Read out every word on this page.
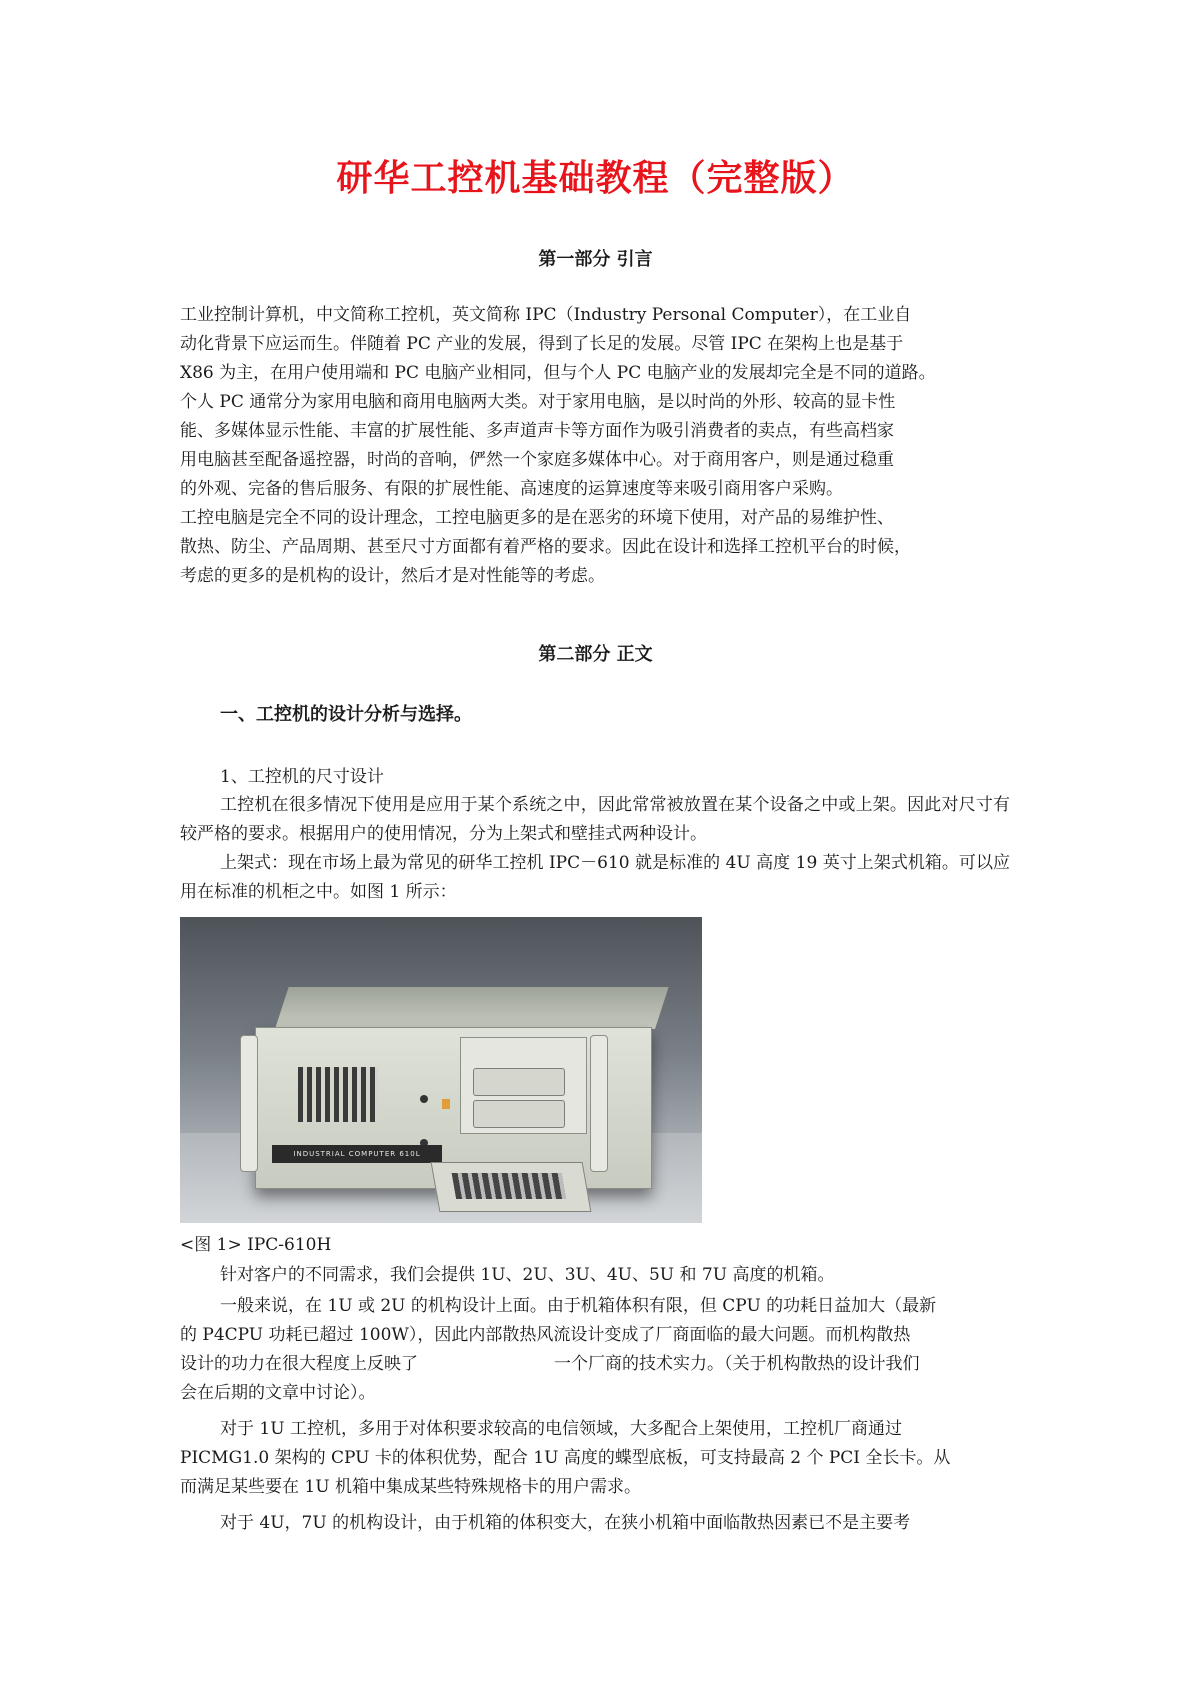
研华工控机基础教程（完整版）
第一部分 引言
工业控制计算机，中文简称工控机，英文简称 IPC（Industry Personal Computer），在工业自
动化背景下应运而生。伴随着 PC 产业的发展，得到了长足的发展。尽管 IPC 在架构上也是基于
X86 为主，在用户使用端和 PC 电脑产业相同，但与个人 PC 电脑产业的发展却完全是不同的道路。
个人 PC 通常分为家用电脑和商用电脑两大类。对于家用电脑，是以时尚的外形、较高的显卡性
能、多媒体显示性能、丰富的扩展性能、多声道声卡等方面作为吸引消费者的卖点，有些高档家
用电脑甚至配备遥控器，时尚的音响，俨然一个家庭多媒体中心。对于商用客户，则是通过稳重
的外观、完备的售后服务、有限的扩展性能、高速度的运算速度等来吸引商用客户采购。
工控电脑是完全不同的设计理念，工控电脑更多的是在恶劣的环境下使用，对产品的易维护性、
散热、防尘、产品周期、甚至尺寸方面都有着严格的要求。因此在设计和选择工控机平台的时候，
考虑的更多的是机构的设计，然后才是对性能等的考虑。
第二部分 正文
一、工控机的设计分析与选择。
1、工控机的尺寸设计

工控机在很多情况下使用是应用于某个系统之中，因此常常被放置在某个设备之中或上架。因此对尺寸有较严格的要求。根据用户的使用情况，分为上架式和壁挂式两种设计。

上架式：现在市场上最为常见的研华工控机 IPC－610 就是标准的 4U 高度 19 英寸上架式机箱。可以应用在标准的机柜之中。如图 1 所示：

INDUSTRIAL COMPUTER 610L
<图 1> IPC-610H
针对客户的不同需求，我们会提供 1U、2U、3U、4U、5U 和 7U 高度的机箱。
一般来说，在 1U 或 2U 的机构设计上面。由于机箱体积有限，但 CPU 的功耗日益加大（最新
的 P4CPU 功耗已超过 100W），因此内部散热风流设计变成了厂商面临的最大问题。而机构散热
设计的功力在很大程度上反映了　　　　　　　　一个厂商的技术实力。（关于机构散热的设计我们
会在后期的文章中讨论）。
对于 1U 工控机，多用于对体积要求较高的电信领域，大多配合上架使用，工控机厂商通过
PICMG1.0 架构的 CPU 卡的体积优势，配合 1U 高度的蝶型底板，可支持最高 2 个 PCI 全长卡。从
而满足某些要在 1U 机箱中集成某些特殊规格卡的用户需求。
对于 4U，7U 的机构设计，由于机箱的体积变大，在狭小机箱中面临散热因素已不是主要考
